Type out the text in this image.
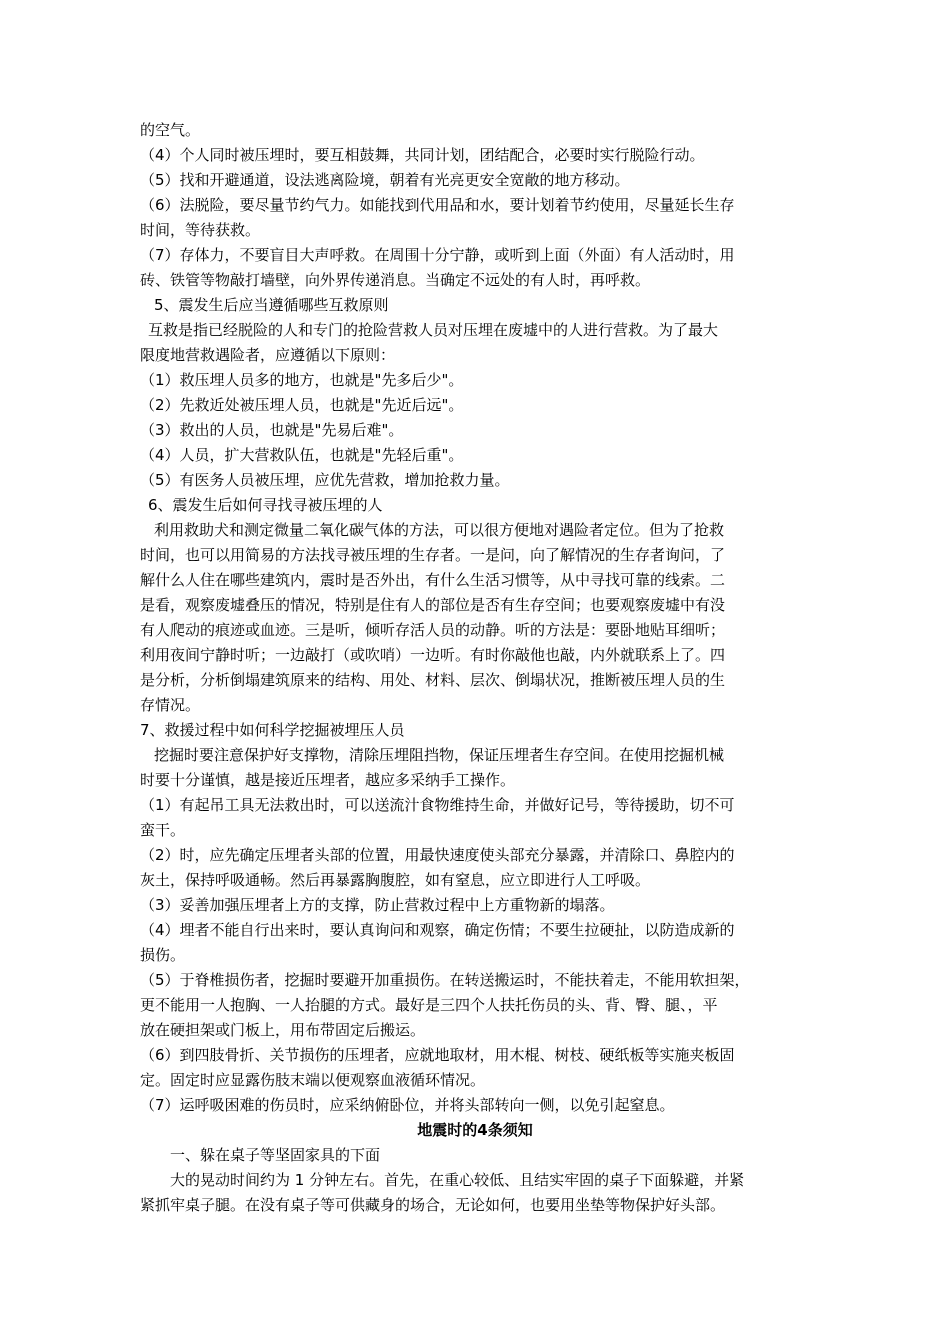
的空气。
（4）个人同时被压埋时，要互相鼓舞，共同计划，团结配合，必要时实行脱险行动。
（5）找和开避通道，设法逃离险境，朝着有光亮更安全宽敞的地方移动。
（6）法脱险，要尽量节约气力。如能找到代用品和水，要计划着节约使用，尽量延长生存
时间，等待获救。
（7）存体力，不要盲目大声呼救。在周围十分宁静，或听到上面（外面）有人活动时，用
砖、铁管等物敲打墙壁，向外界传递消息。当确定不远处的有人时，再呼救。
5、震发生后应当遵循哪些互救原则
互救是指已经脱险的人和专门的抢险营救人员对压埋在废墟中的人进行营救。为了最大
限度地营救遇险者，应遵循以下原则：
（1）救压埋人员多的地方，也就是"先多后少"。
（2）先救近处被压埋人员，也就是"先近后远"。
（3）救出的人员，也就是"先易后难"。
（4）人员，扩大营救队伍，也就是"先轻后重"。
（5）有医务人员被压埋，应优先营救，增加抢救力量。
6、震发生后如何寻找寻被压埋的人
利用救助犬和测定微量二氧化碳气体的方法，可以很方便地对遇险者定位。但为了抢救
时间，也可以用简易的方法找寻被压埋的生存者。一是问，向了解情况的生存者询问，了
解什么人住在哪些建筑内，震时是否外出，有什么生活习惯等，从中寻找可靠的线索。二
是看，观察废墟叠压的情况，特别是住有人的部位是否有生存空间；也要观察废墟中有没
有人爬动的痕迹或血迹。三是听，倾听存活人员的动静。听的方法是：要卧地贴耳细听；
利用夜间宁静时听；一边敲打（或吹哨）一边听。有时你敲他也敲，内外就联系上了。四
是分析，分析倒塌建筑原来的结构、用处、材料、层次、倒塌状况，推断被压埋人员的生
存情况。
7、救援过程中如何科学挖掘被埋压人员
挖掘时要注意保护好支撑物，清除压埋阻挡物，保证压埋者生存空间。在使用挖掘机械
时要十分谨慎，越是接近压埋者，越应多采纳手工操作。
（1）有起吊工具无法救出时，可以送流汁食物维持生命，并做好记号，等待援助，切不可
蛮干。
（2）时，应先确定压埋者头部的位置，用最快速度使头部充分暴露，并清除口、鼻腔内的
灰土，保持呼吸通畅。然后再暴露胸腹腔，如有窒息，应立即进行人工呼吸。
（3）妥善加强压埋者上方的支撑，防止营救过程中上方重物新的塌落。
（4）埋者不能自行出来时，要认真询问和观察，确定伤情；不要生拉硬扯，以防造成新的
损伤。
（5）于脊椎损伤者，挖掘时要避开加重损伤。在转送搬运时，不能扶着走，不能用软担架，
更不能用一人抱胸、一人抬腿的方式。最好是三四个人扶托伤员的头、背、臀、腿、，平
放在硬担架或门板上，用布带固定后搬运。
（6）到四肢骨折、关节损伤的压埋者，应就地取材，用木棍、树枝、硬纸板等实施夹板固
定。固定时应显露伤肢末端以便观察血液循环情况。
（7）运呼吸困难的伤员时，应采纳俯卧位，并将头部转向一侧，以免引起窒息。
地震时的4条须知
一、躲在桌子等坚固家具的下面
大的晃动时间约为 1 分钟左右。首先，在重心较低、且结实牢固的桌子下面躲避，并紧
紧抓牢桌子腿。在没有桌子等可供藏身的场合，无论如何，也要用坐垫等物保护好头部。
